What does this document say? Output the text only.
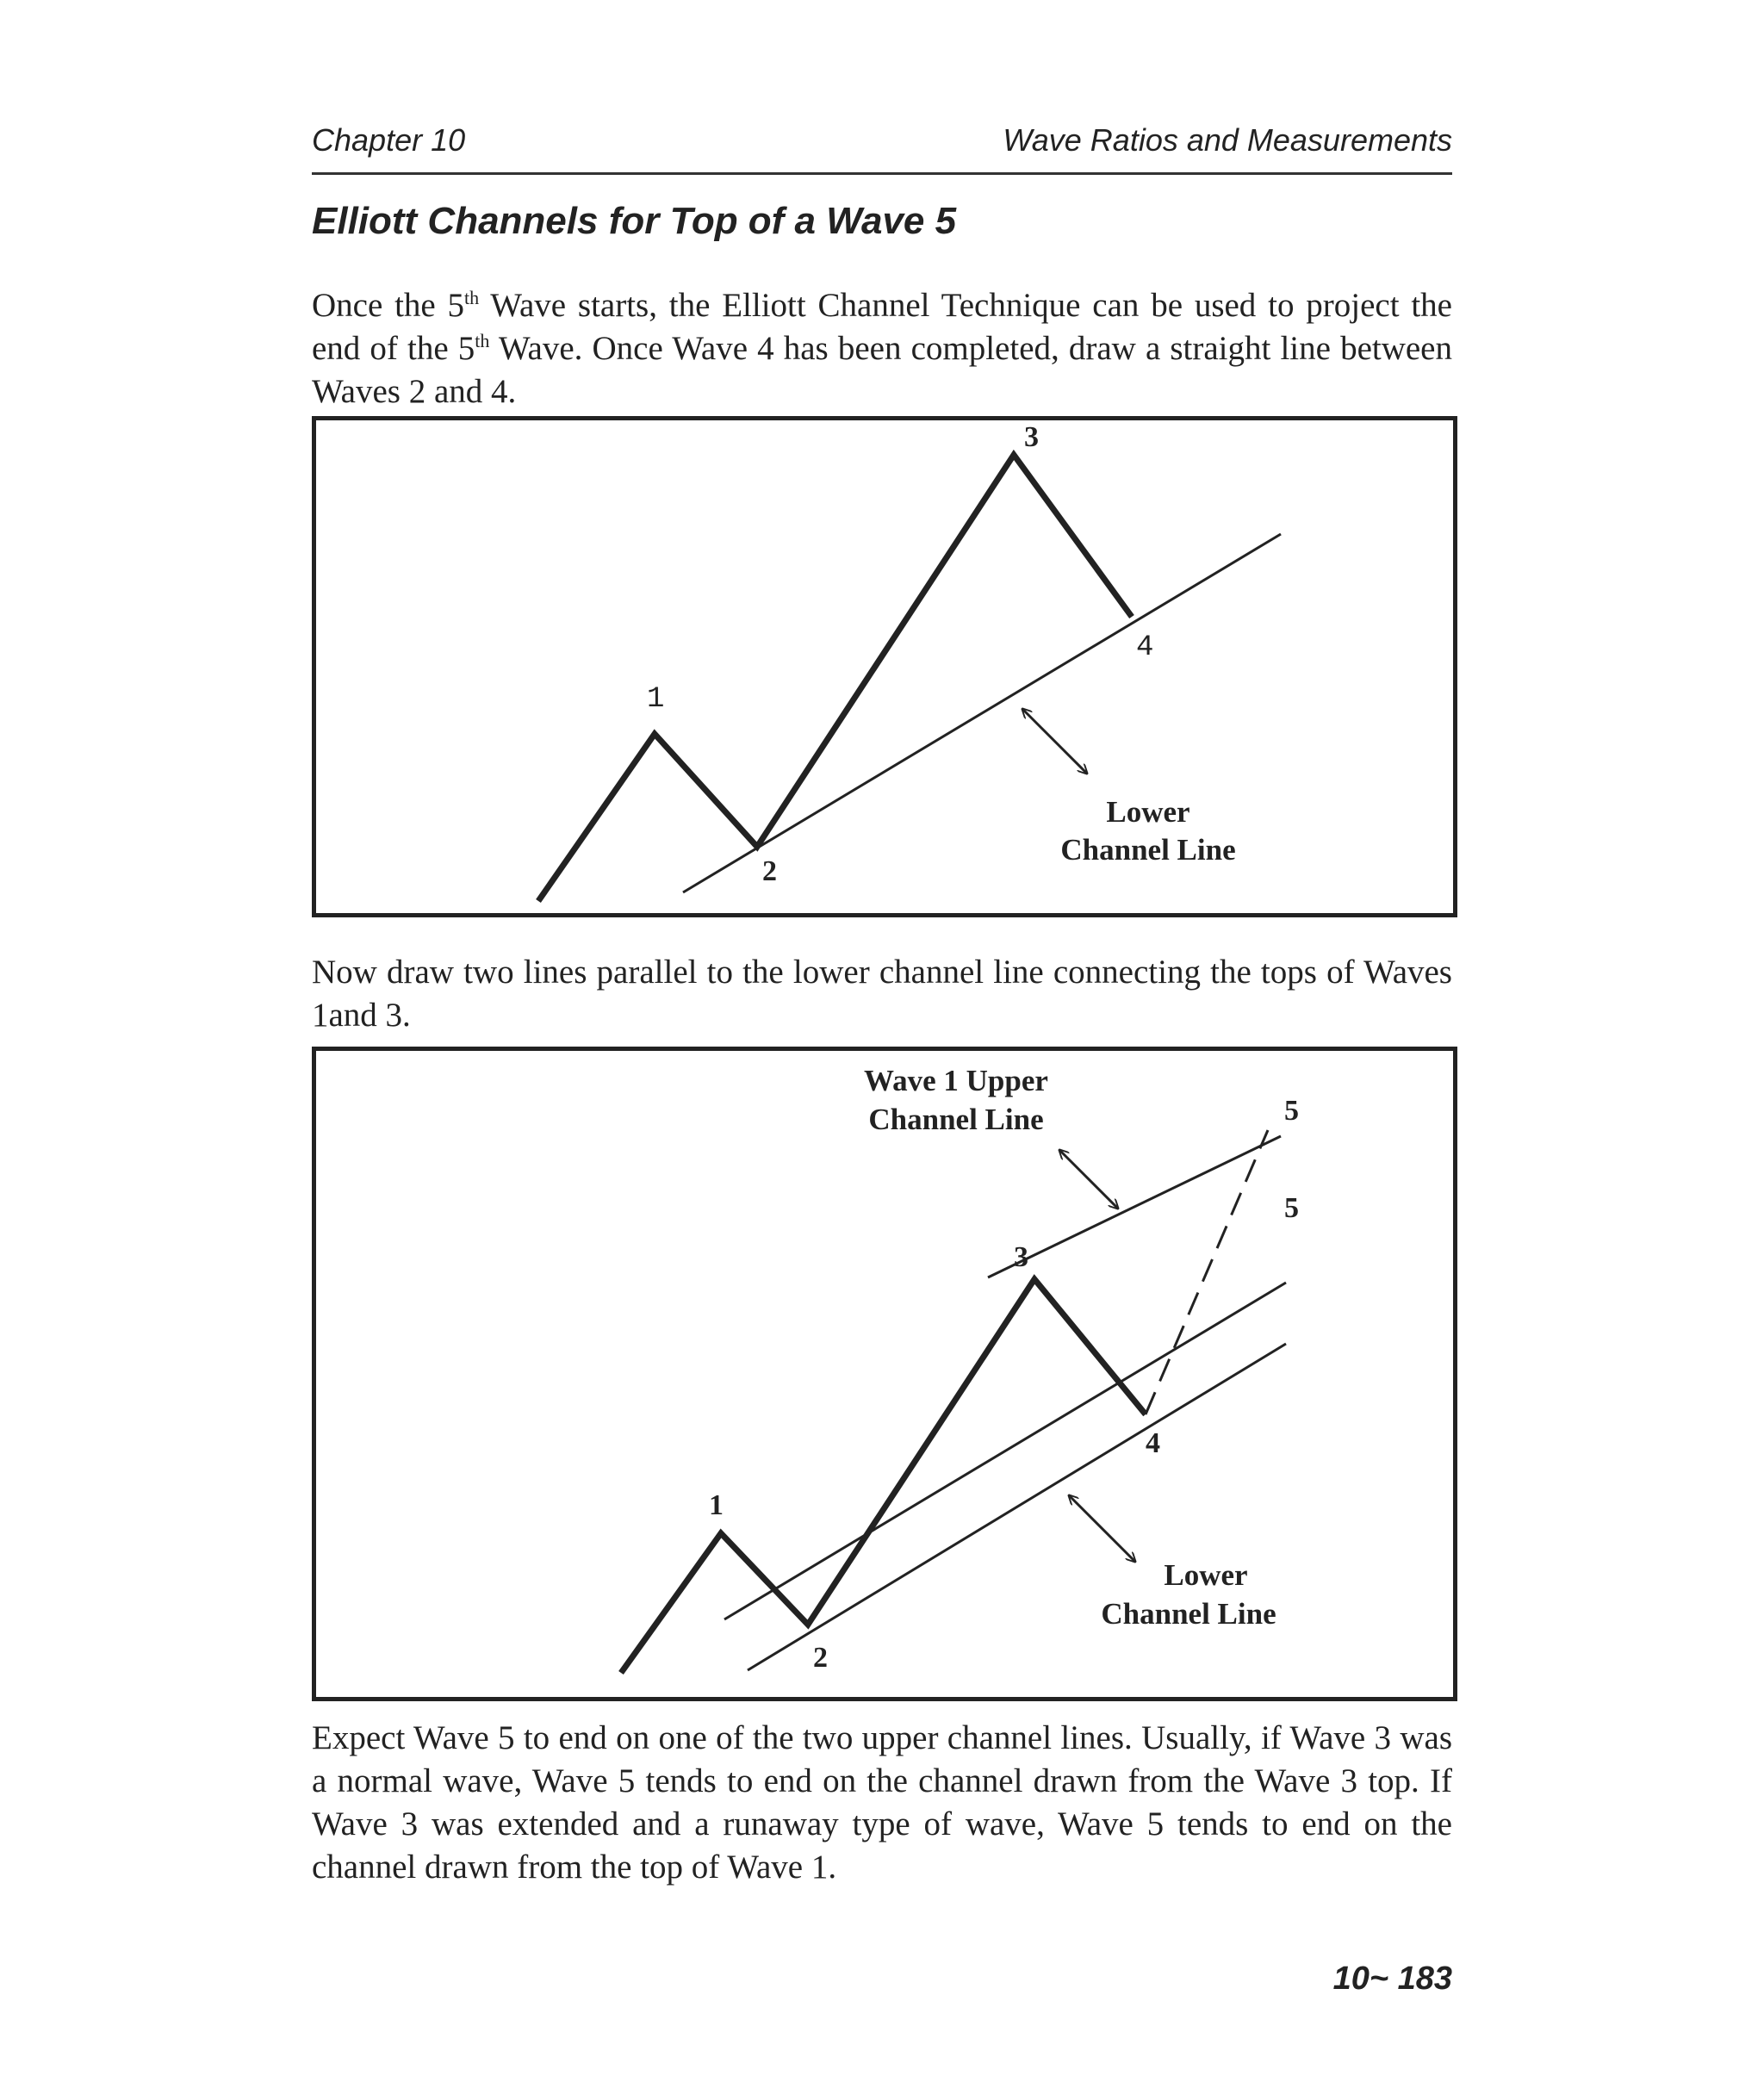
Chapter 10	Wave Ratios and Measurements
Elliott Channels for Top of a Wave 5

Once the 5th Wave starts, the Elliott Channel Technique can be used to project the end of the 5th Wave. Once Wave 4 has been completed, draw a straight line between Waves 2 and 4.

1
2
3
4
Lower
Channel Line

Now draw two lines parallel to the lower channel line connecting the tops of Waves 1and 3.

Wave 1 Upper
Channel Line
1
2
3
4
5
5
Lower
Channel Line

Expect Wave 5 to end on one of the two upper channel lines. Usually, if Wave 3 was a normal wave, Wave 5 tends to end on the channel drawn from the Wave 3 top. If Wave 3 was extended and a runaway type of wave, Wave 5 tends to end on the channel drawn from the top of Wave 1.

10~ 183
